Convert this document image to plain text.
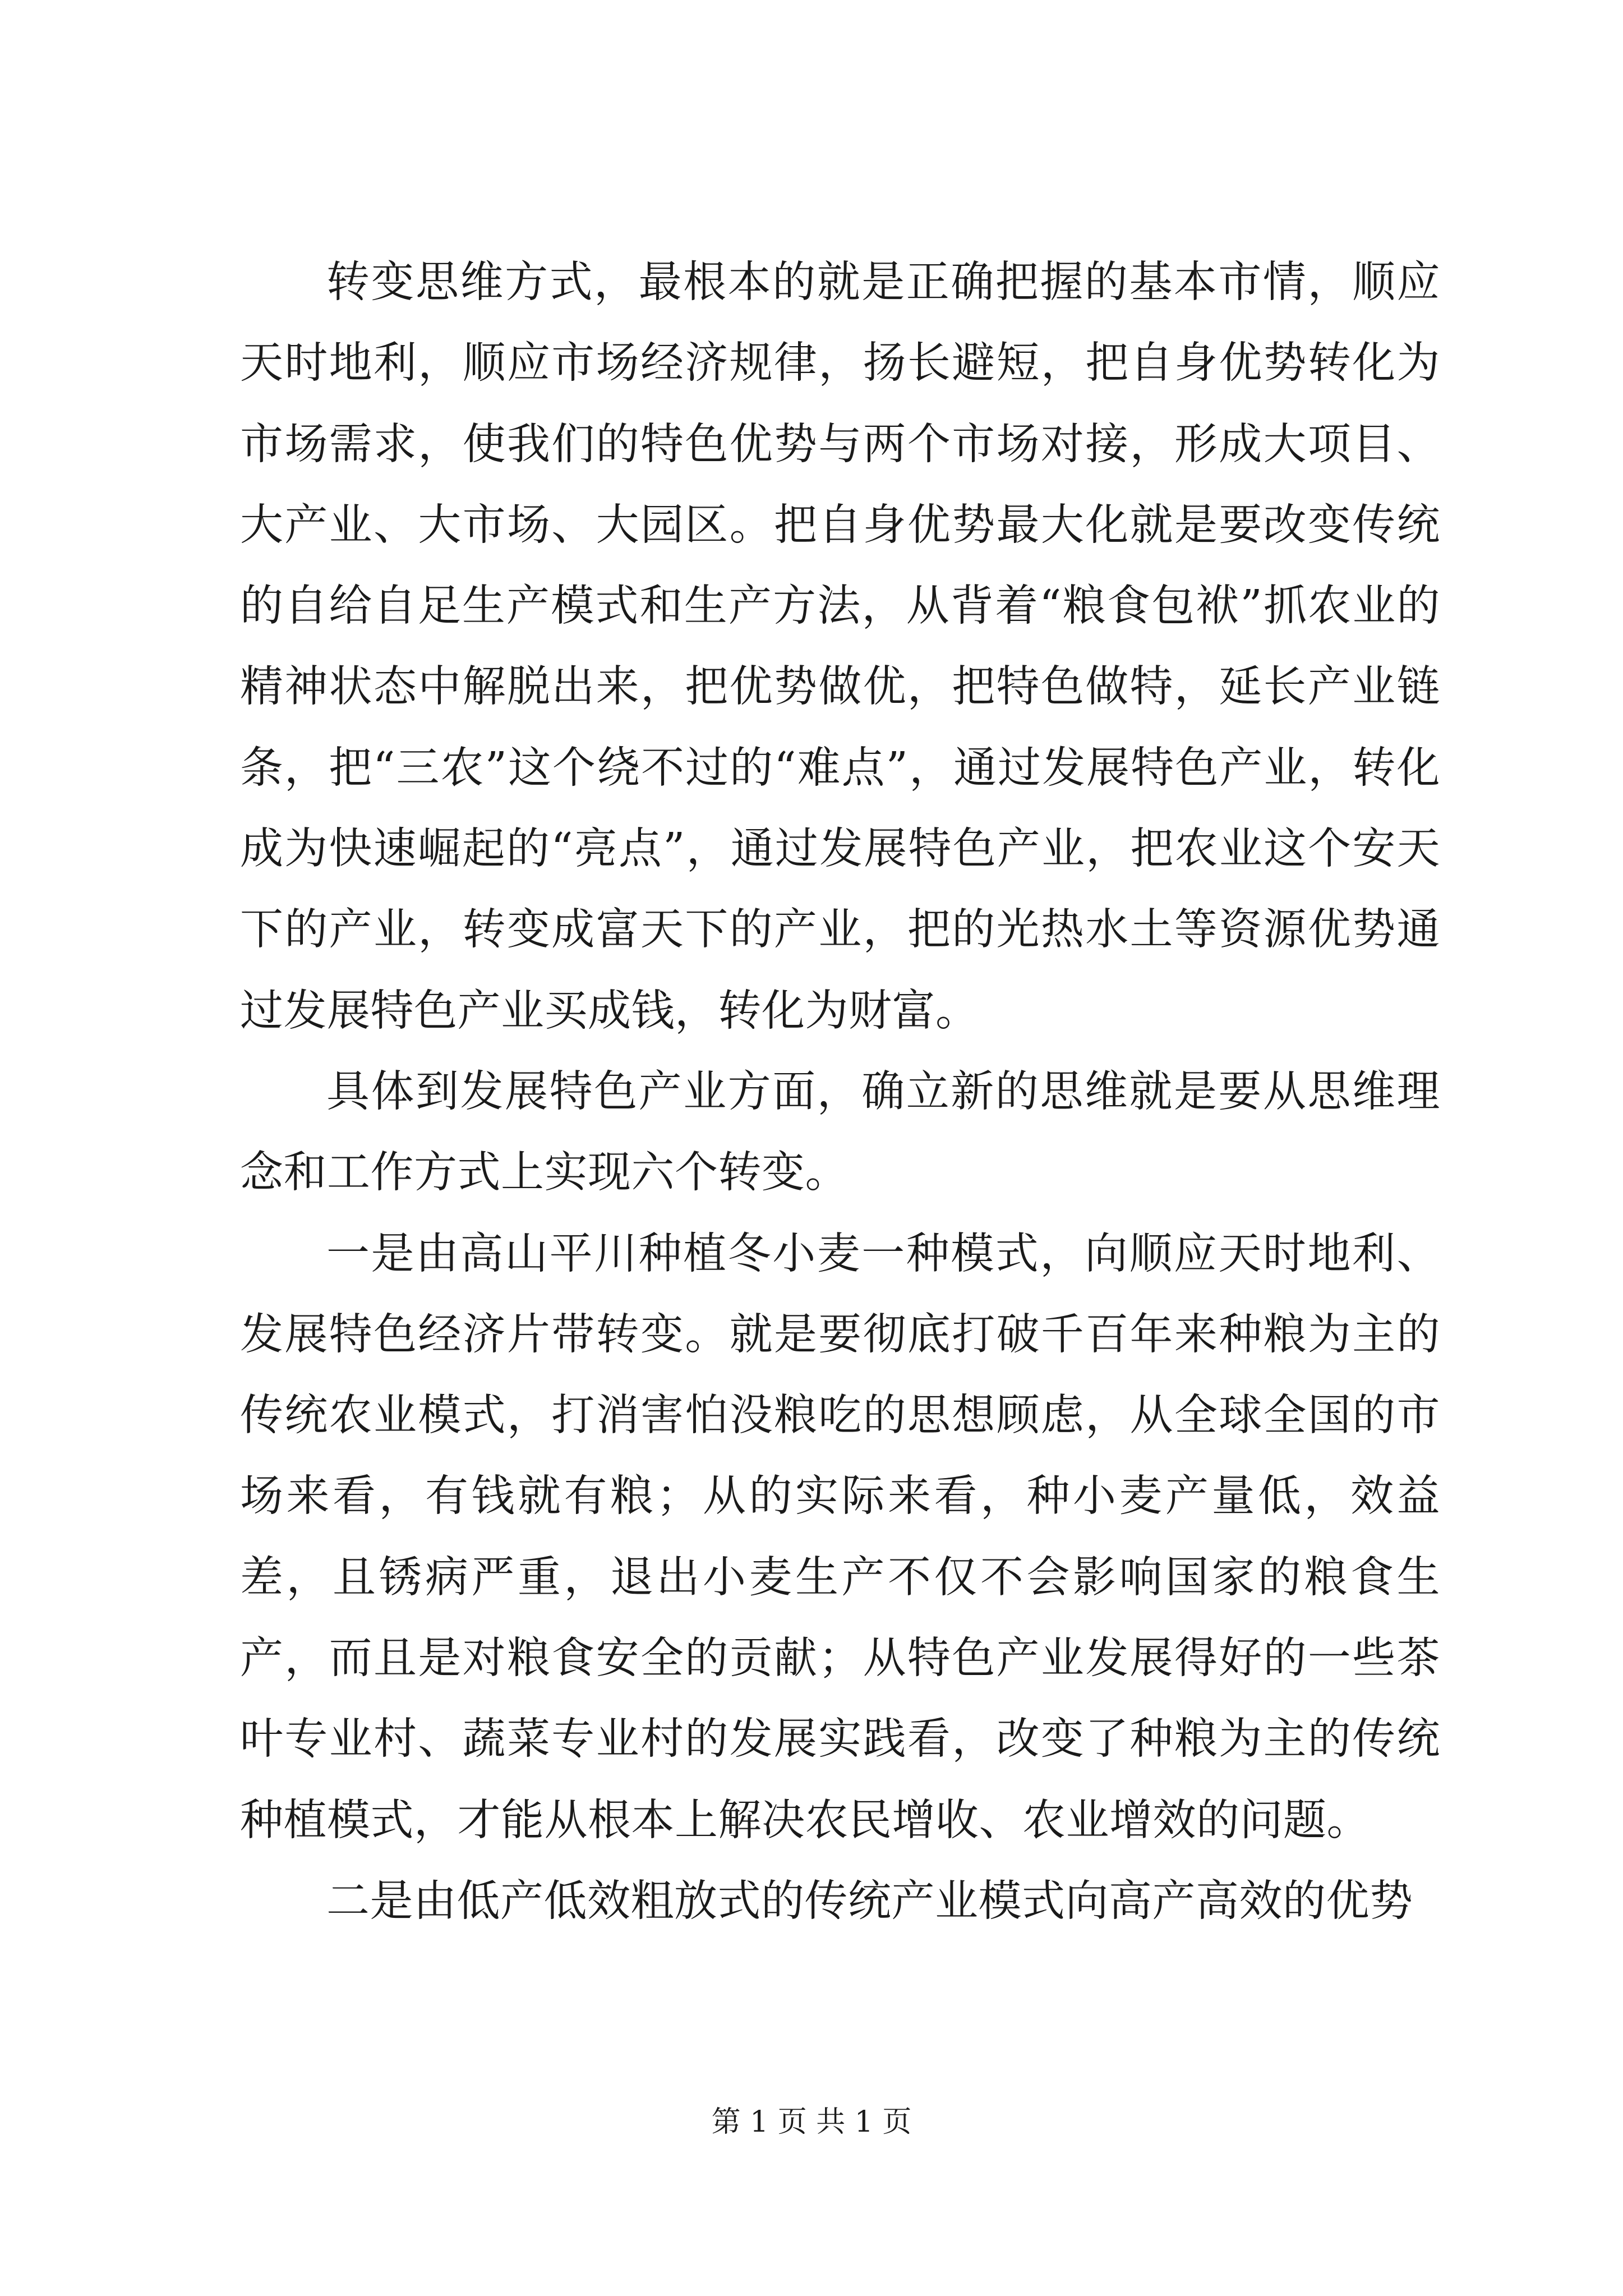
转变思维方式，最根本的就是正确把握的基本市情，顺应天时地利，顺应市场经济规律，扬长避短，把自身优势转化为市场需求，使我们的特色优势与两个市场对接，形成大项目、大产业、大市场、大园区。把自身优势最大化就是要改变传统的自给自足生产模式和生产方法，从背着“粮食包袱”抓农业的精神状态中解脱出来，把优势做优，把特色做特，延长产业链条，把“三农”这个绕不过的“难点”，通过发展特色产业，转化成为快速崛起的“亮点”，通过发展特色产业，把农业这个安天下的产业，转变成富天下的产业，把的光热水土等资源优势通过发展特色产业买成钱，转化为财富。

具体到发展特色产业方面，确立新的思维就是要从思维理念和工作方式上实现六个转变。

一是由高山平川种植冬小麦一种模式，向顺应天时地利、发展特色经济片带转变。就是要彻底打破千百年来种粮为主的传统农业模式，打消害怕没粮吃的思想顾虑，从全球全国的市场来看，有钱就有粮；从的实际来看，种小麦产量低，效益差，且锈病严重，退出小麦生产不仅不会影响国家的粮食生产，而且是对粮食安全的贡献；从特色产业发展得好的一些茶叶专业村、蔬菜专业村的发展实践看，改变了种粮为主的传统种植模式，才能从根本上解决农民增收、农业增效的问题。

二是由低产低效粗放式的传统产业模式向高产高效的优势

第 1 页 共 1 页
